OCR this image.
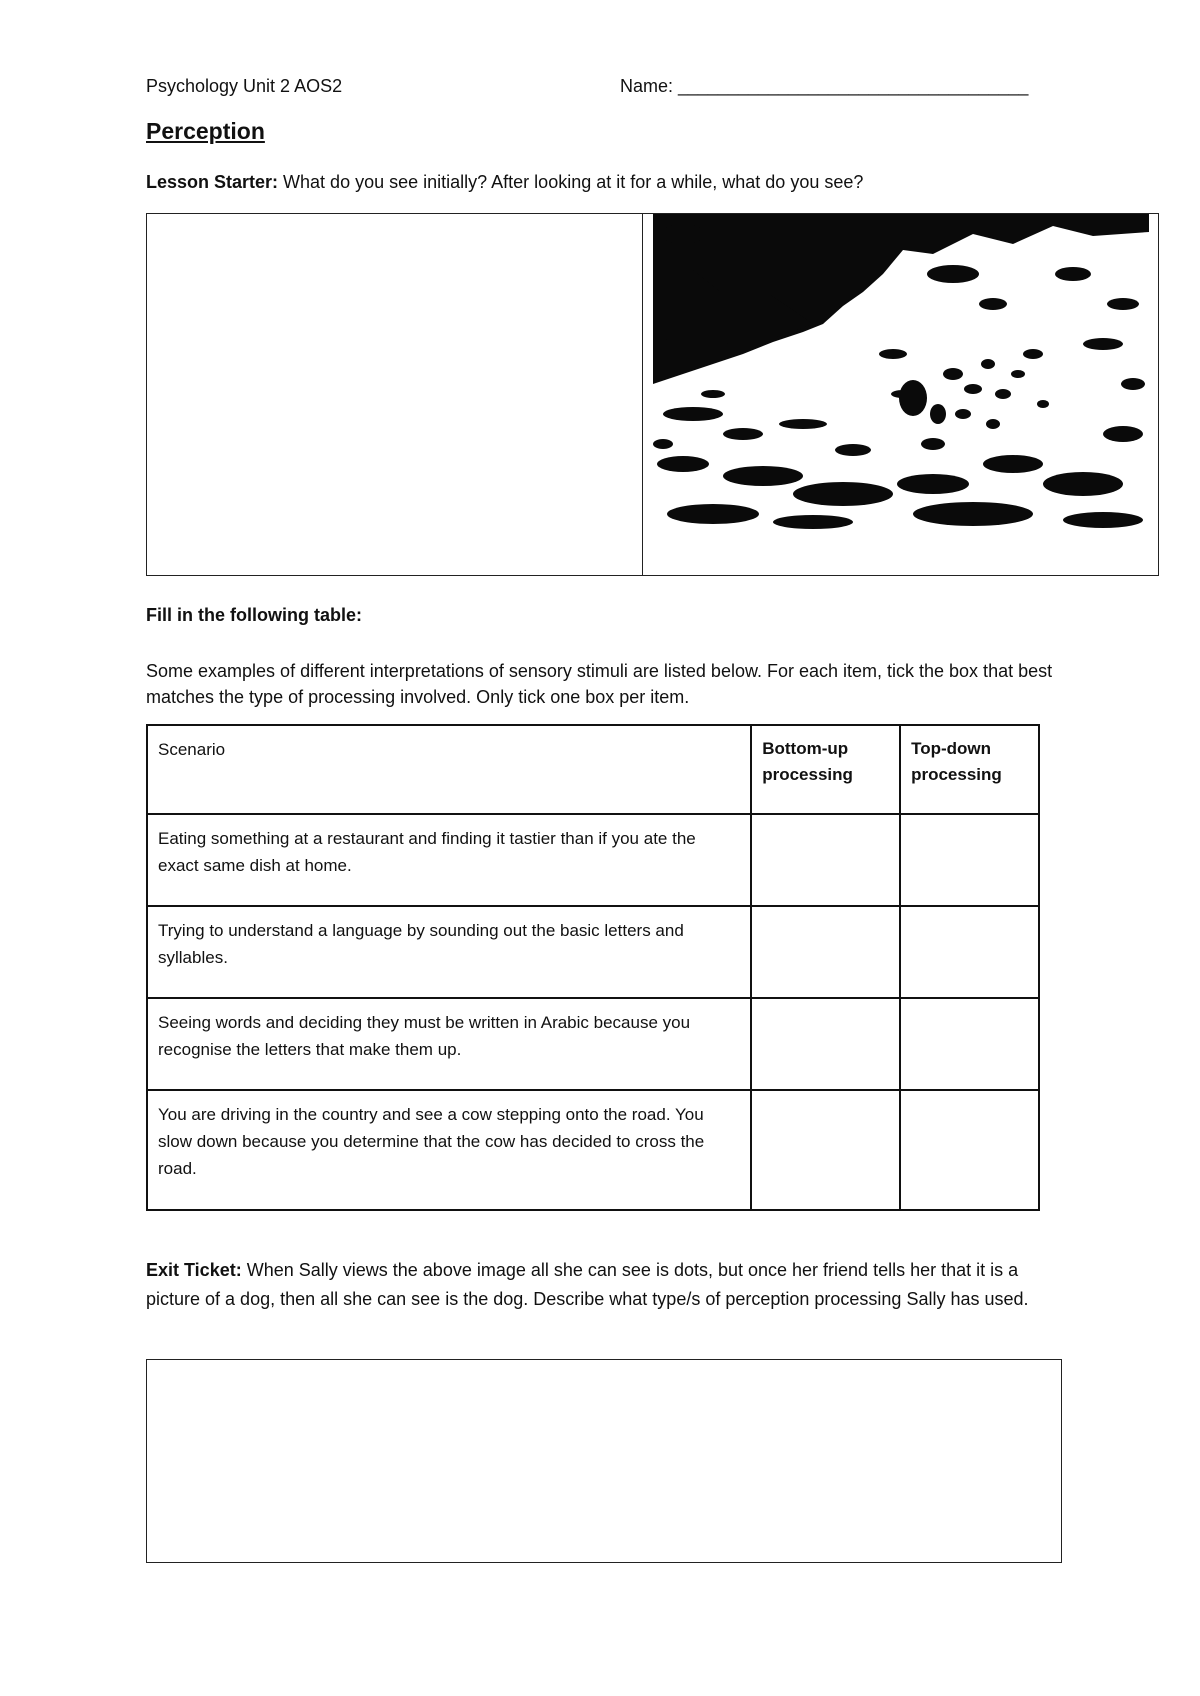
Psychology Unit 2 AOS2	Name: ___________________________________
Perception
Lesson Starter: What do you see initially? After looking at it for a while, what do you see?
Fill in the following table:
Some examples of different interpretations of sensory stimuli are listed below. For each item, tick the box that best matches the type of processing involved. Only tick one box per item.
Scenario	Bottom-up processing	Top-down processing
Eating something at a restaurant and finding it tastier than if you ate the exact same dish at home.		
Trying to understand a language by sounding out the basic letters and syllables.		
Seeing words and deciding they must be written in Arabic because you recognise the letters that make them up.		
You are driving in the country and see a cow stepping onto the road. You slow down because you determine that the cow has decided to cross the road.		
Exit Ticket: When Sally views the above image all she can see is dots, but once her friend tells her that it is a picture of a dog, then all she can see is the dog. Describe what type/s of perception processing Sally has used.
